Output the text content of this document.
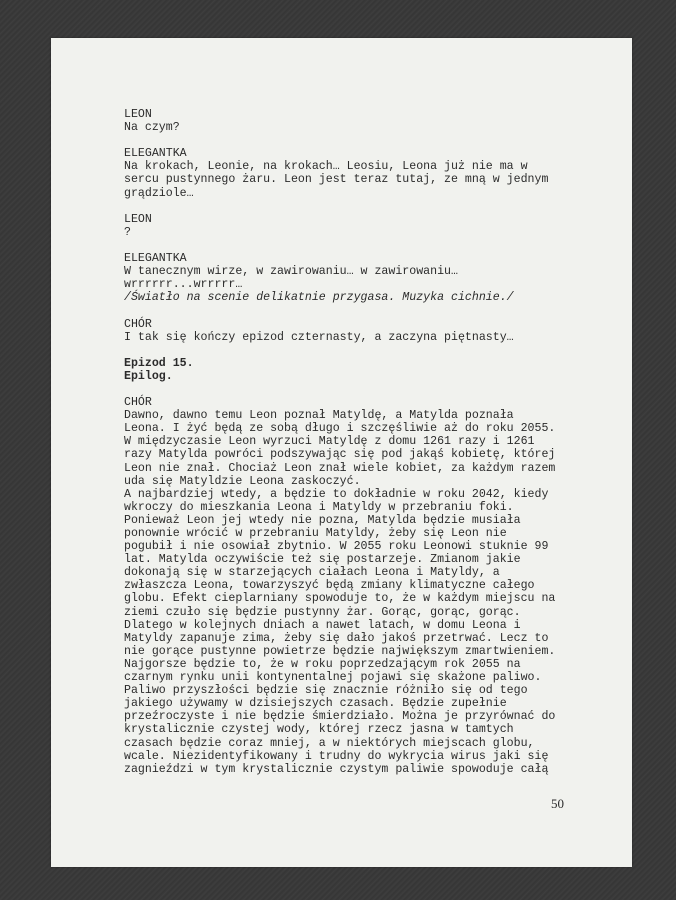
LEON

Na czym?

ELEGANTKA

Na krokach, Leonie, na krokach… Leosiu, Leona już nie ma w

sercu pustynnego żaru. Leon jest teraz tutaj, ze mną w jednym

grądziole…

LEON

?

ELEGANTKA

W tanecznym wirze, w zawirowaniu… w zawirowaniu…

wrrrrrr...wrrrrr…

/Światło na scenie delikatnie przygasa. Muzyka cichnie./

CHÓR

I tak się kończy epizod czternasty, a zaczyna piętnasty…

Epizod 15.

Epilog.

CHÓR

Dawno, dawno temu Leon poznał Matyldę, a Matylda poznała

Leona. I żyć będą ze sobą długo i szczęśliwie aż do roku 2055.

W międzyczasie Leon wyrzuci Matyldę z domu 1261 razy i 1261

razy Matylda powróci podszywając się pod jakąś kobietę, której

Leon nie znał. Chociaż Leon znał wiele kobiet, za każdym razem

uda się Matyldzie Leona zaskoczyć.

A najbardziej wtedy, a będzie to dokładnie w roku 2042, kiedy

wkroczy do mieszkania Leona i Matyldy w przebraniu foki.

Ponieważ Leon jej wtedy nie pozna, Matylda będzie musiała

ponownie wrócić w przebraniu Matyldy, żeby się Leon nie

pogubił i nie osowiał zbytnio. W 2055 roku Leonowi stuknie 99

lat. Matylda oczywiście też się postarzeje. Zmianom jakie

dokonają się w starzejących ciałach Leona i Matyldy, a

zwłaszcza Leona, towarzyszyć będą zmiany klimatyczne całego

globu. Efekt cieplarniany spowoduje to, że w każdym miejscu na

ziemi czuło się będzie pustynny żar. Gorąc, gorąc, gorąc.

Dlatego w kolejnych dniach a nawet latach, w domu Leona i

Matyldy zapanuje zima, żeby się dało jakoś przetrwać. Lecz to

nie gorące pustynne powietrze będzie największym zmartwieniem.

Najgorsze będzie to, że w roku poprzedzającym rok 2055 na

czarnym rynku unii kontynentalnej pojawi się skażone paliwo.

Paliwo przyszłości będzie się znacznie różniło się od tego

jakiego używamy w dzisiejszych czasach. Będzie zupełnie

przeźroczyste i nie będzie śmierdziało. Można je przyrównać do

krystalicznie czystej wody, której rzecz jasna w tamtych

czasach będzie coraz mniej, a w niektórych miejscach globu,

wcale. Niezidentyfikowany i trudny do wykrycia wirus jaki się

zagnieździ w tym krystalicznie czystym paliwie spowoduje całą

50
